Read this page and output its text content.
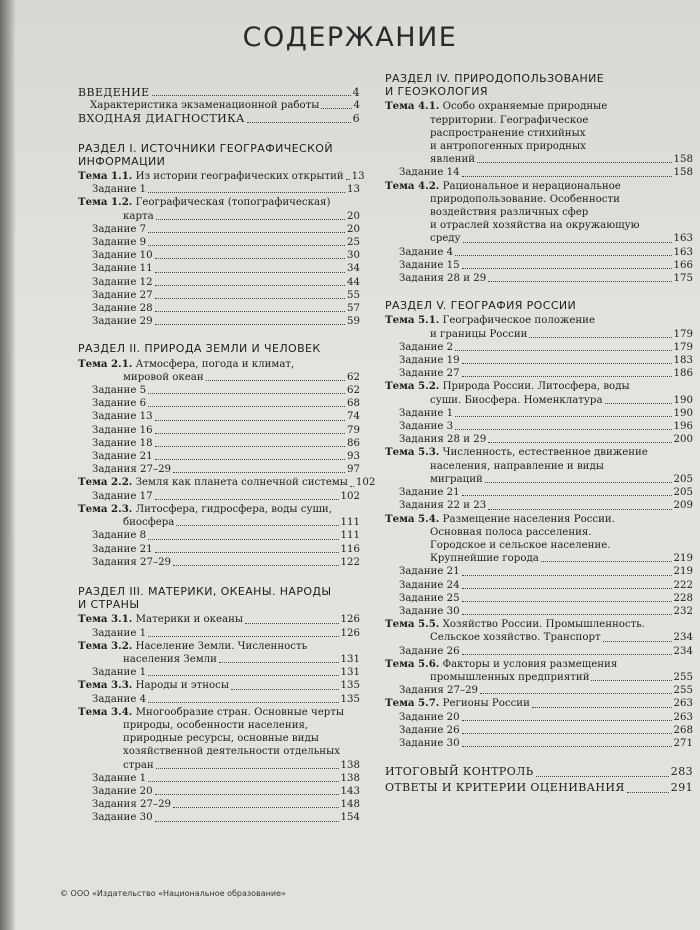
СОДЕРЖАНИЕ
ВВЕДЕНИЕ	4
Характеристика экзаменационной работы	4
ВХОДНАЯ ДИАГНОСТИКА	6
РАЗДЕЛ I. ИСТОЧНИКИ ГЕОГРАФИЧЕСКОЙ
ИНФОРМАЦИИ
Тема 1.1. Из истории географических открытий 13
Задание 1	13
Тема 1.2. Географическая (топографическая)
карта	20
Задание 7	20
Задание 9	25
Задание 10	30
Задание 11	34
Задание 12	44
Задание 27	55
Задание 28	57
Задание 29	59
РАЗДЕЛ II. ПРИРОДА ЗЕМЛИ И ЧЕЛОВЕК
Тема 2.1. Атмосфера, погода и климат,
мировой океан	62
Задание 5	62
Задание 6	68
Задание 13	74
Задание 16	79
Задание 18	86
Задание 21	93
Задания 27–29	97
Тема 2.2. Земля как планета солнечной системы 102
Задание 17	102
Тема 2.3. Литосфера, гидросфера, воды суши,
биосфера	111
Задание 8	111
Задание 21	116
Задания 27–29	122
РАЗДЕЛ III. МАТЕРИКИ, ОКЕАНЫ. НАРОДЫ
И СТРАНЫ
Тема 3.1. Материки и океаны	126
Задание 1	126
Тема 3.2. Население Земли. Численность
населения Земли	131
Задание 1	131
Тема 3.3. Народы и этносы	135
Задание 4	135
Тема 3.4. Многообразие стран. Основные черты
природы, особенности населения,
природные ресурсы, основные виды
хозяйственной деятельности отдельных
стран	138
Задание 1	138
Задание 20	143
Задания 27–29	148
Задание 30	154
РАЗДЕЛ IV. ПРИРОДОПОЛЬЗОВАНИЕ
И ГЕОЭКОЛОГИЯ
Тема 4.1. Особо охраняемые природные
территории. Географическое
распространение стихийных
и антропогенных природных
явлений	158
Задание 14	158
Тема 4.2. Рациональное и нерациональное
природопользование. Особенности
воздействия различных сфер
и отраслей хозяйства на окружающую
среду	163
Задание 4	163
Задание 15	166
Задания 28 и 29	175
РАЗДЕЛ V. ГЕОГРАФИЯ РОССИИ
Тема 5.1. Географическое положение
и границы России	179
Задание 2	179
Задание 19	183
Задание 27	186
Тема 5.2. Природа России. Литосфера, воды
суши. Биосфера. Номенклатура	190
Задание 1	190
Задание 3	196
Задания 28 и 29	200
Тема 5.3. Численность, естественное движение
населения, направление и виды
миграций	205
Задание 21	205
Задания 22 и 23	209
Тема 5.4. Размещение населения России.
Основная полоса расселения.
Городское и сельское население.
Крупнейшие города	219
Задание 21	219
Задание 24	222
Задание 25	228
Задание 30	232
Тема 5.5. Хозяйство России. Промышленность.
Сельское хозяйство. Транспорт	234
Задание 26	234
Тема 5.6. Факторы и условия размещения
промышленных предприятий	255
Задания 27–29	255
Тема 5.7. Регионы России	263
Задание 20	263
Задание 26	268
Задание 30	271
ИТОГОВЫЙ КОНТРОЛЬ	283
ОТВЕТЫ И КРИТЕРИИ ОЦЕНИВАНИЯ	291
© ООО «Издательство «Национальное образование»
